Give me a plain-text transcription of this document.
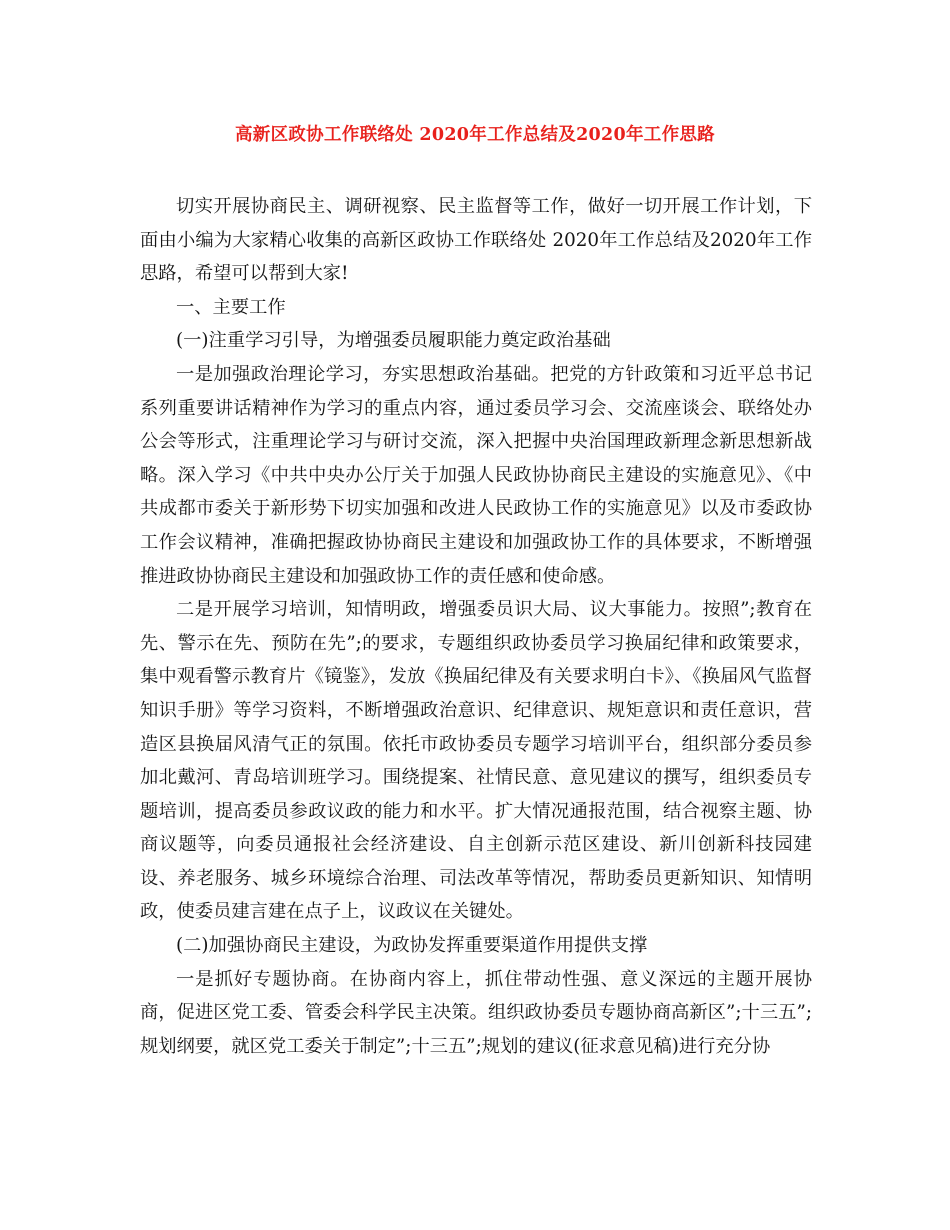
高新区政协工作联络处 2020年工作总结及2020年工作思路

切实开展协商民主、调研视察、民主监督等工作，做好一切开展工作计划，下面由小编为大家精心收集的高新区政协工作联络处 2020年工作总结及2020年工作思路，希望可以帮到大家!

一、主要工作

(一)注重学习引导，为增强委员履职能力奠定政治基础

一是加强政治理论学习，夯实思想政治基础。把党的方针政策和习近平总书记系列重要讲话精神作为学习的重点内容，通过委员学习会、交流座谈会、联络处办公会等形式，注重理论学习与研讨交流，深入把握中央治国理政新理念新思想新战略。深入学习《中共中央办公厅关于加强人民政协协商民主建设的实施意见》、《中共成都市委关于新形势下切实加强和改进人民政协工作的实施意见》以及市委政协工作会议精神，准确把握政协协商民主建设和加强政协工作的具体要求，不断增强推进政协协商民主建设和加强政协工作的责任感和使命感。

二是开展学习培训，知情明政，增强委员识大局、议大事能力。按照”;教育在先、警示在先、预防在先”;的要求，专题组织政协委员学习换届纪律和政策要求，集中观看警示教育片《镜鉴》，发放《换届纪律及有关要求明白卡》、《换届风气监督知识手册》等学习资料，不断增强政治意识、纪律意识、规矩意识和责任意识，营造区县换届风清气正的氛围。依托市政协委员专题学习培训平台，组织部分委员参加北戴河、青岛培训班学习。围绕提案、社情民意、意见建议的撰写，组织委员专题培训，提高委员参政议政的能力和水平。扩大情况通报范围，结合视察主题、协商议题等，向委员通报社会经济建设、自主创新示范区建设、新川创新科技园建设、养老服务、城乡环境综合治理、司法改革等情况，帮助委员更新知识、知情明政，使委员建言建在点子上，议政议在关键处。

(二)加强协商民主建设，为政协发挥重要渠道作用提供支撑

一是抓好专题协商。在协商内容上，抓住带动性强、意义深远的主题开展协商，促进区党工委、管委会科学民主决策。组织政协委员专题协商高新区”;十三五”;规划纲要，就区党工委关于制定”;十三五”;规划的建议(征求意见稿)进行充分协
